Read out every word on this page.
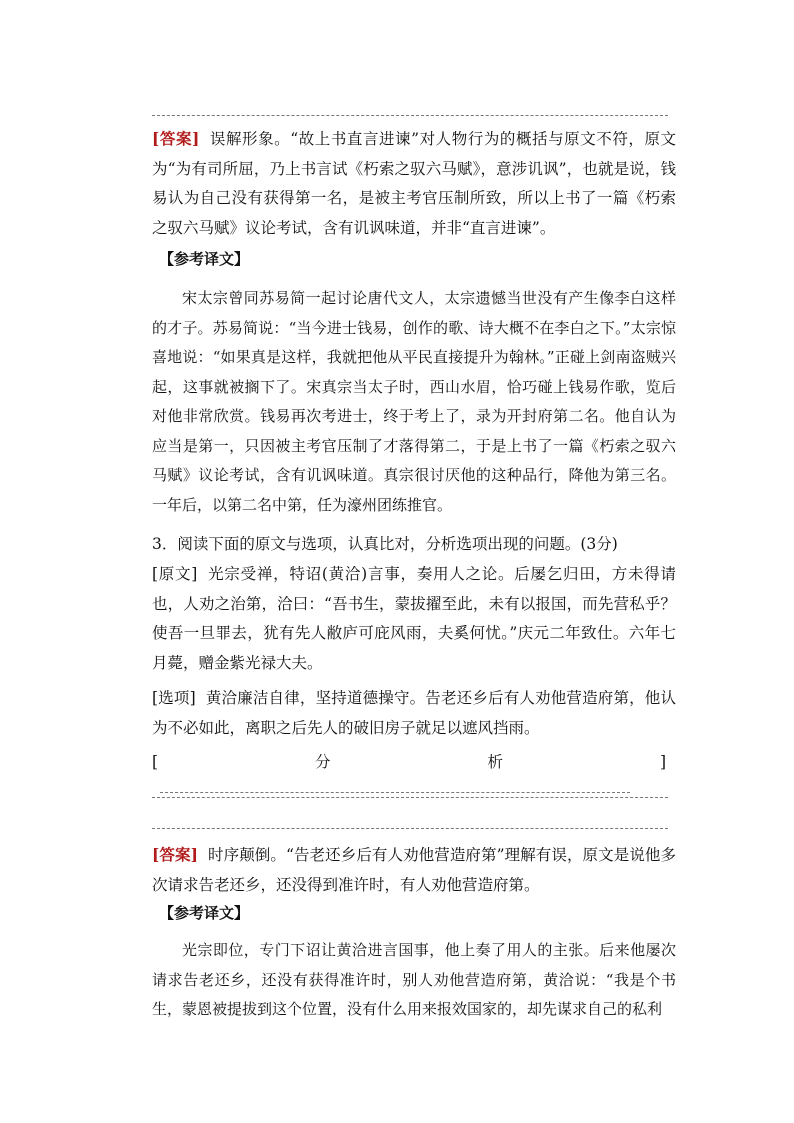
[答案] 误解形象。“故上书直言进谏”对人物行为的概括与原文不符，原文为“为有司所屈，乃上书言试《朽索之驭六马赋》，意涉讥讽”，也就是说，钱易认为自己没有获得第一名，是被主考官压制所致，所以上书了一篇《朽索之驭六马赋》议论考试，含有讥讽味道，并非“直言进谏”。

【参考译文】

宋太宗曾同苏易简一起讨论唐代文人，太宗遗憾当世没有产生像李白这样的才子。苏易简说：“当今进士钱易，创作的歌、诗大概不在李白之下。”太宗惊喜地说：“如果真是这样，我就把他从平民直接提升为翰林。”正碰上剑南盗贼兴起，这事就被搁下了。宋真宗当太子时，西山水眉，恰巧碰上钱易作歌，览后对他非常欣赏。钱易再次考进士，终于考上了，录为开封府第二名。他自认为应当是第一，只因被主考官压制了才落得第二，于是上书了一篇《朽索之驭六马赋》议论考试，含有讥讽味道。真宗很讨厌他的这种品行，降他为第三名。一年后，以第二名中第，任为濠州团练推官。

3．阅读下面的原文与选项，认真比对，分析选项出现的问题。(3分)

[原文] 光宗受禅，特诏(黄洽)言事，奏用人之论。后屡乞归田，方未得请也，人劝之治第，洽曰：“吾书生，蒙拔擢至此，未有以报国，而先营私乎？使吾一旦罪去，犹有先人敝庐可庇风雨，夫奚何忧。”庆元二年致仕。六年七月薨，赠金紫光禄大夫。

[选项] 黄洽廉洁自律，坚持道德操守。告老还乡后有人劝他营造府第，他认为不必如此，离职之后先人的破旧房子就足以遮风挡雨。

[分析]

[答案] 时序颠倒。“告老还乡后有人劝他营造府第”理解有误，原文是说他多次请求告老还乡，还没得到准许时，有人劝他营造府第。

【参考译文】

光宗即位，专门下诏让黄洽进言国事，他上奏了用人的主张。后来他屡次请求告老还乡，还没有获得准许时，别人劝他营造府第，黄洽说：“我是个书生，蒙恩被提拔到这个位置，没有什么用来报效国家的，却先谋求自己的私利
